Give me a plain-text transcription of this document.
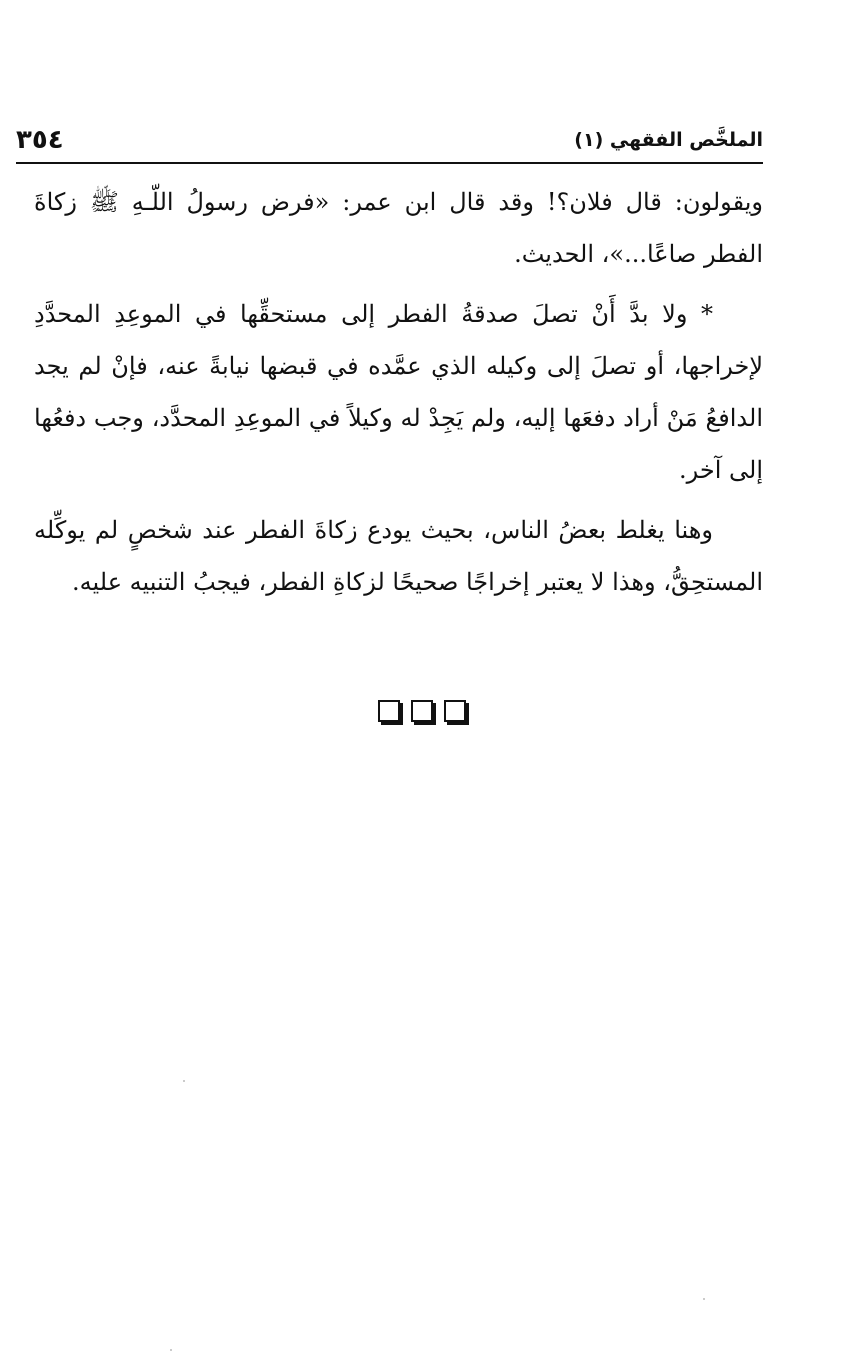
٣٥٤	الملخَّص الفقهي (١)

ويقولون: قال فلان؟! وقد قال ابن عمر: «فرض رسولُ اللّـهِ ﷺ زكاةَ الفطر صاعًا...»، الحديث.

* ولا بدَّ أَنْ تصلَ صدقةُ الفطر إلى مستحقِّها في الموعِدِ المحدَّدِ لإخراجها، أو تصلَ إلى وكيله الذي عمَّده في قبضها نيابةً عنه، فإنْ لم يجد الدافعُ مَنْ أراد دفعَها إليه، ولم يَجِدْ له وكيلاً في الموعِدِ المحدَّد، وجب دفعُها إلى آخر.

وهنا يغلط بعضُ الناس، بحيث يودع زكاةَ الفطر عند شخصٍ لم يوكِّله المستحِقُّ، وهذا لا يعتبر إخراجًا صحيحًا لزكاةِ الفطر، فيجبُ التنبيه عليه.
